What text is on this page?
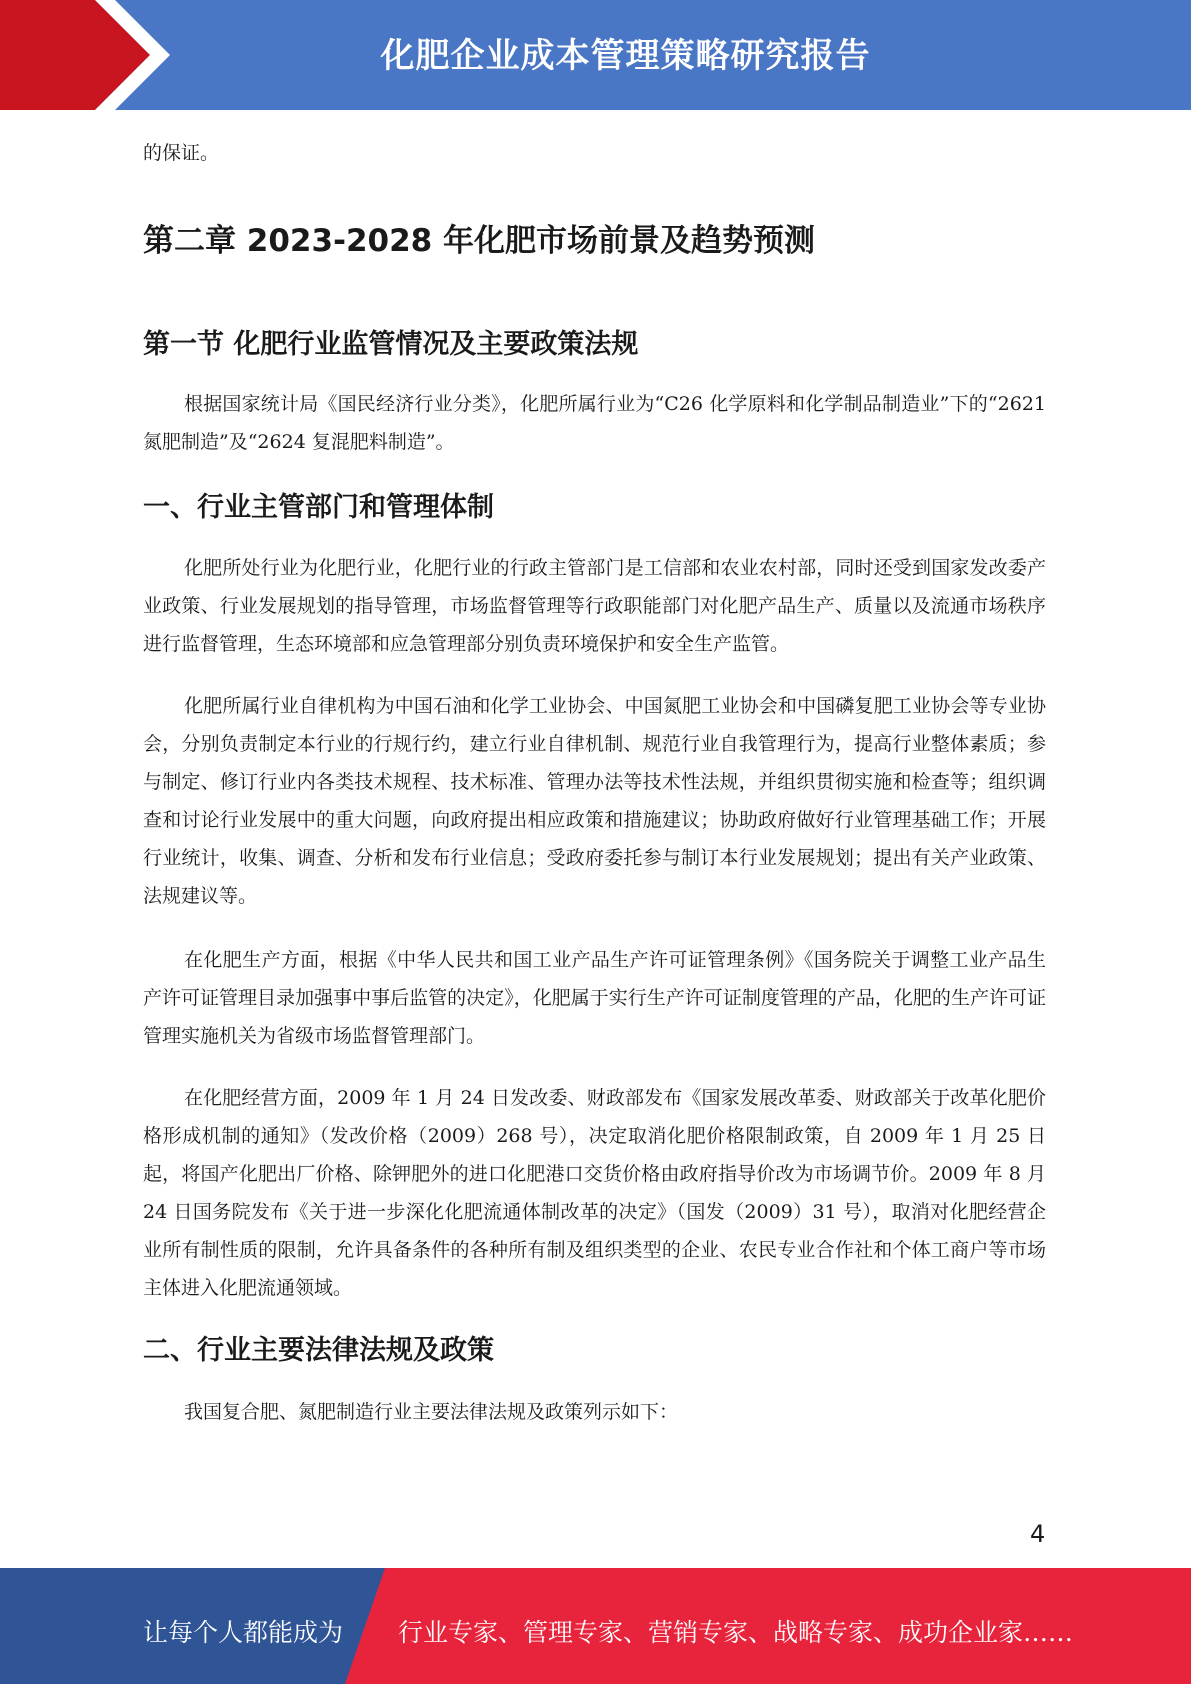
化肥企业成本管理策略研究报告

的保证。

第二章 2023-2028 年化肥市场前景及趋势预测
第一节 化肥行业监管情况及主要政策法规

根据国家统计局《国民经济行业分类》，化肥所属行业为“C26 化学原料和化学制品制造业”下的“2621 氮肥制造”及“2624 复混肥料制造”。

一、行业主管部门和管理体制

化肥所处行业为化肥行业，化肥行业的行政主管部门是工信部和农业农村部，同时还受到国家发改委产业政策、行业发展规划的指导管理，市场监督管理等行政职能部门对化肥产品生产、质量以及流通市场秩序进行监督管理，生态环境部和应急管理部分别负责环境保护和安全生产监管。

化肥所属行业自律机构为中国石油和化学工业协会、中国氮肥工业协会和中国磷复肥工业协会等专业协会，分别负责制定本行业的行规行约，建立行业自律机制、规范行业自我管理行为，提高行业整体素质；参与制定、修订行业内各类技术规程、技术标准、管理办法等技术性法规，并组织贯彻实施和检查等；组织调查和讨论行业发展中的重大问题，向政府提出相应政策和措施建议；协助政府做好行业管理基础工作；开展行业统计，收集、调查、分析和发布行业信息；受政府委托参与制订本行业发展规划；提出有关产业政策、法规建议等。

在化肥生产方面，根据《中华人民共和国工业产品生产许可证管理条例》《国务院关于调整工业产品生产许可证管理目录加强事中事后监管的决定》，化肥属于实行生产许可证制度管理的产品，化肥的生产许可证管理实施机关为省级市场监督管理部门。

在化肥经营方面，2009 年 1 月 24 日发改委、财政部发布《国家发展改革委、财政部关于改革化肥价格形成机制的通知》（发改价格（2009）268 号），决定取消化肥价格限制政策，自 2009 年 1 月 25 日起，将国产化肥出厂价格、除钾肥外的进口化肥港口交货价格由政府指导价改为市场调节价。2009 年 8 月 24 日国务院发布《关于进一步深化化肥流通体制改革的决定》（国发（2009）31 号），取消对化肥经营企业所有制性质的限制，允许具备条件的各种所有制及组织类型的企业、农民专业合作社和个体工商户等市场主体进入化肥流通领域。

二、行业主要法律法规及政策

我国复合肥、氮肥制造行业主要法律法规及政策列示如下：

4
让每个人都能成为 行业专家、管理专家、营销专家、战略专家、成功企业家……
